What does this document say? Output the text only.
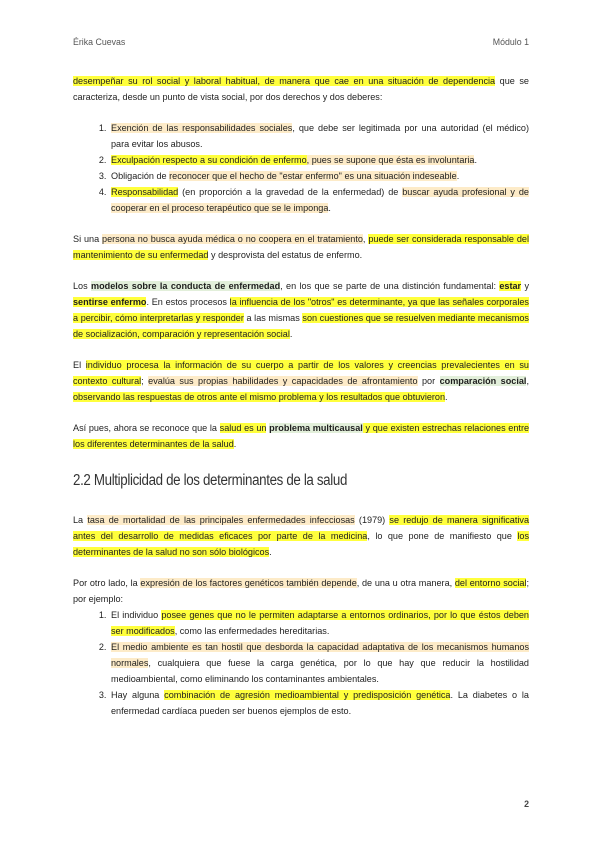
Érika Cuevas	Módulo 1

desempeñar su rol social y laboral habitual, de manera que cae en una situación de dependencia que se caracteriza, desde un punto de vista social, por dos derechos y dos deberes:

1. Exención de las responsabilidades sociales, que debe ser legitimada por una autoridad (el médico) para evitar los abusos.
2. Exculpación respecto a su condición de enfermo, pues se supone que ésta es involuntaria.
3. Obligación de reconocer que el hecho de "estar enfermo" es una situación indeseable.
4. Responsabilidad (en proporción a la gravedad de la enfermedad) de buscar ayuda profesional y de cooperar en el proceso terapéutico que se le imponga.

Si una persona no busca ayuda médica o no coopera en el tratamiento, puede ser considerada responsable del mantenimiento de su enfermedad y desprovista del estatus de enfermo.

Los modelos sobre la conducta de enfermedad, en los que se parte de una distinción fundamental: estar y sentirse enfermo. En estos procesos la influencia de los "otros" es determinante, ya que las señales corporales a percibir, cómo interpretarlas y responder a las mismas son cuestiones que se resuelven mediante mecanismos de socialización, comparación y representación social.

El individuo procesa la información de su cuerpo a partir de los valores y creencias prevalecientes en su contexto cultural; evalúa sus propias habilidades y capacidades de afrontamiento por comparación social, observando las respuestas de otros ante el mismo problema y los resultados que obtuvieron.

Así pues, ahora se reconoce que la salud es un problema multicausal y que existen estrechas relaciones entre los diferentes determinantes de la salud.

2.2 Multiplicidad de los determinantes de la salud

La tasa de mortalidad de las principales enfermedades infecciosas (1979) se redujo de manera significativa antes del desarrollo de medidas eficaces por parte de la medicina, lo que pone de manifiesto que los determinantes de la salud no son sólo biológicos.

Por otro lado, la expresión de los factores genéticos también depende, de una u otra manera, del entorno social; por ejemplo:

1. El individuo posee genes que no le permiten adaptarse a entornos ordinarios, por lo que éstos deben ser modificados, como las enfermedades hereditarias.
2. El medio ambiente es tan hostil que desborda la capacidad adaptativa de los mecanismos humanos normales, cualquiera que fuese la carga genética, por lo que hay que reducir la hostilidad medioambiental, como eliminando los contaminantes ambientales.
3. Hay alguna combinación de agresión medioambiental y predisposición genética. La diabetes o la enfermedad cardíaca pueden ser buenos ejemplos de esto.
2
